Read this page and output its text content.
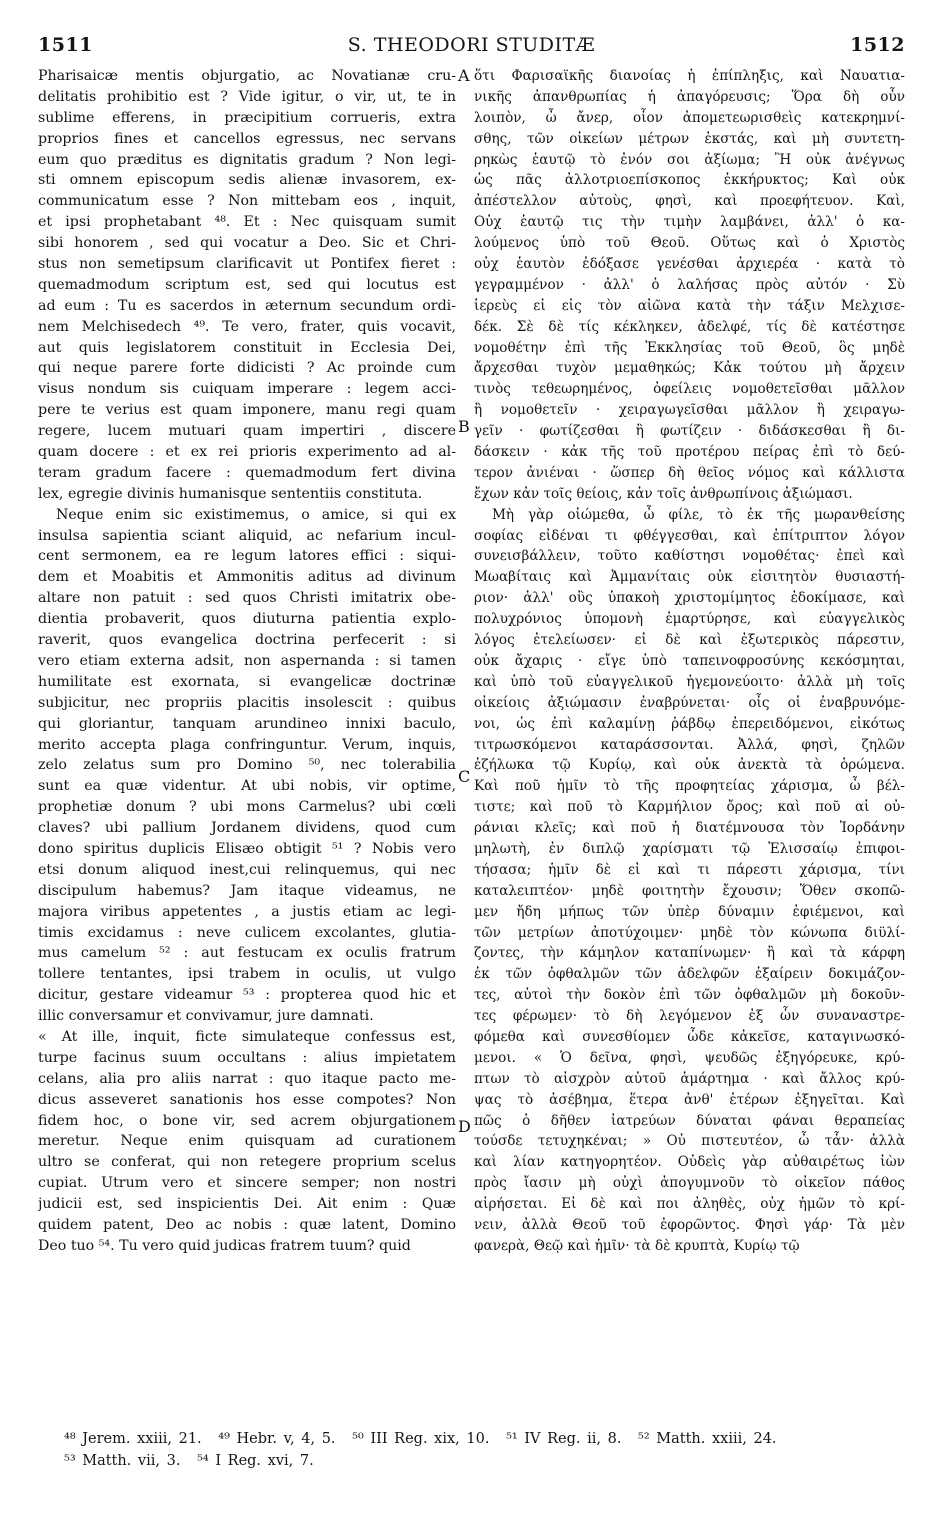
1511	S. THEODORI STUDITÆ	1512
Pharisaicæ mentis objurgatio, ac Novatianæ cru-
delitatis prohibitio est ? Vide igitur, o vir, ut, te in
sublime efferens, in præcipitium corrueris, extra
proprios fines et cancellos egressus, nec servans
eum quo præditus es dignitatis gradum ? Non legi-
sti omnem episcopum sedis alienæ invasorem, ex-
communicatum esse ? Non mittebam eos , inquit,
et ipsi prophetabant ⁴⁸. Et : Nec quisquam sumit
sibi honorem , sed qui vocatur a Deo. Sic et Chri-
stus non semetipsum clarificavit ut Pontifex fieret :
quemadmodum scriptum est, sed qui locutus est
ad eum : Tu es sacerdos in æternum secundum ordi-
nem Melchisedech ⁴⁹. Te vero, frater, quis vocavit,
aut quis legislatorem constituit in Ecclesia Dei,
qui neque parere forte didicisti ? Ac proinde cum
visus nondum sis cuiquam imperare : legem acci-
pere te verius est quam imponere, manu regi quam
regere, lucem mutuari quam impertiri , discere
quam docere : et ex rei prioris experimento ad al-
teram gradum facere : quemadmodum fert divina
lex, egregie divinis humanisque sententiis constituta.
Neque enim sic existimemus, o amice, si qui ex
insulsa sapientia sciant aliquid, ac nefarium incul-
cent sermonem, ea re legum latores effici : siqui-
dem et Moabitis et Ammonitis aditus ad divinum
altare non patuit : sed quos Christi imitatrix obe-
dientia probaverit, quos diuturna patientia explo-
raverit, quos evangelica doctrina perfecerit : si
vero etiam externa adsit, non aspernanda : si tamen
humilitate est exornata, si evangelicæ doctrinæ
subjicitur, nec propriis placitis insolescit : quibus
qui gloriantur, tanquam arundineo innixi baculo,
merito accepta plaga confringuntur. Verum, inquis,
zelo zelatus sum pro Domino ⁵⁰, nec tolerabilia
sunt ea quæ videntur. At ubi nobis, vir optime,
prophetiæ donum ? ubi mons Carmelus? ubi cœli
claves? ubi pallium Jordanem dividens, quod cum
dono spiritus duplicis Elisæo obtigit ⁵¹ ? Nobis vero
etsi donum aliquod inest,cui relinquemus, qui nec
discipulum habemus? Jam itaque videamus, ne
majora viribus appetentes , a justis etiam ac legi-
timis excidamus : neve culicem excolantes, glutia-
mus camelum ⁵² : aut festucam ex oculis fratrum
tollere tentantes, ipsi trabem in oculis, ut vulgo
dicitur, gestare videamur ⁵³ : propterea quod hic et
illic conversamur et convivamur, jure damnati.
« At ille, inquit, ficte simulateque confessus est,
turpe facinus suum occultans : alius impietatem
celans, alia pro aliis narrat : quo itaque pacto me-
dicus asseveret sanationis hos esse compotes? Non
fidem hoc, o bone vir, sed acrem objurgationem
meretur. Neque enim quisquam ad curationem
ultro se conferat, qui non retegere proprium scelus
cupiat. Utrum vero et sincere semper; non nostri
judicii est, sed inspicientis Dei. Ait enim : Quæ
quidem patent, Deo ac nobis : quæ latent, Domino
Deo tuo ⁵⁴. Tu vero quid judicas fratrem tuum? quid
ὅτι Φαρισαϊκῆς διανοίας ἡ ἐπίπληξις, καὶ Ναυατια-
νικῆς ἀπανθρωπίας ἡ ἀπαγόρευσις; Ὅρα δὴ οὖν
λοιπὸν, ὦ ἄνερ, οἷον ἀπομετεωρισθεὶς κατεκρημνί-
σθης, τῶν οἰκείων μέτρων ἐκστάς, καὶ μὴ συντετη-
ρηκὼς ἑαυτῷ τὸ ἐνόν σοι ἀξίωμα; Ἢ οὐκ ἀνέγνως
ὡς πᾶς ἀλλοτριοεπίσκοπος ἐκκήρυκτος; Καὶ οὐκ
ἀπέστελλον αὐτοὺς, φησὶ, καὶ προεφήτευον. Καὶ,
Οὐχ ἑαυτῷ τις τὴν τιμὴν λαμβάνει, ἀλλ' ὁ κα-
λούμενος ὑπὸ τοῦ Θεοῦ. Οὕτως καὶ ὁ Χριστὸς
οὐχ ἑαυτὸν ἐδόξασε γενέσθαι ἀρχιερέα · κατὰ τὸ
γεγραμμένον · ἀλλ' ὁ λαλήσας πρὸς αὐτόν · Σὺ
ἱερεὺς εἰ εἰς τὸν αἰῶνα κατὰ τὴν τάξιν Μελχισε-
δέκ. Σὲ δὲ τίς κέκληκεν, ἀδελφέ, τίς δὲ κατέστησε
νομοθέτην ἐπὶ τῆς Ἐκκλησίας τοῦ Θεοῦ, ὃς μηδὲ
ἄρχεσθαι τυχὸν μεμαθηκώς; Κἀκ τούτου μὴ ἄρχειν
τινὸς τεθεωρημένος, ὀφείλεις νομοθετεῖσθαι μᾶλλον
ἢ νομοθετεῖν · χειραγωγεῖσθαι μᾶλλον ἢ χειραγω-
γεῖν · φωτίζεσθαι ἢ φωτίζειν · διδάσκεσθαι ἢ δι-
δάσκειν · κἀκ τῆς τοῦ προτέρου πείρας ἐπὶ τὸ δεύ-
τερον ἀνιέναι · ὥσπερ δὴ θεῖος νόμος καὶ κάλλιστα
ἔχων κἀν τοῖς θείοις, κἀν τοῖς ἀνθρωπίνοις ἀξιώμασι.
Μὴ γὰρ οἰώμεθα, ὦ φίλε, τὸ ἐκ τῆς μωρανθείσης
σοφίας εἰδέναι τι φθέγγεσθαι, καὶ ἐπίτριπτον λόγον
συνεισβάλλειν, τοῦτο καθίστησι νομοθέτας· ἐπεὶ καὶ
Μωαβίταις καὶ Ἀμμανίταις οὐκ εἰσιτητὸν θυσιαστή-
ριον· ἀλλ' οὓς ὑπακοὴ χριστομίμητος ἐδοκίμασε, καὶ
πολυχρόνιος ὑπομονὴ ἐμαρτύρησε, καὶ εὐαγγελικὸς
λόγος ἐτελείωσεν· εἰ δὲ καὶ ἐξωτερικὸς πάρεστιν,
οὐκ ἄχαρις · εἴγε ὑπὸ ταπεινοφροσύνης κεκόσμηται,
καὶ ὑπὸ τοῦ εὐαγγελικοῦ ἡγεμονεύοιτο· ἀλλὰ μὴ τοῖς
οἰκείοις ἀξιώμασιν ἐναβρύνεται· οἷς οἱ ἐναβρυνόμε-
νοι, ὡς ἐπὶ καλαμίνῃ ῥάβδῳ ἐπερειδόμενοι, εἰκότως
τιτρωσκόμενοι καταράσσονται. Ἀλλά, φησὶ, ζηλῶν
ἐζήλωκα τῷ Κυρίῳ, καὶ οὐκ ἀνεκτὰ τὰ ὁρώμενα.
Καὶ ποῦ ἡμῖν τὸ τῆς προφητείας χάρισμα, ὦ βέλ-
τιστε; καὶ ποῦ τὸ Καρμήλιον ὄρος; καὶ ποῦ αἱ οὐ-
ράνιαι κλεῖς; καὶ ποῦ ἡ διατέμνουσα τὸν Ἰορδάνην
μηλωτὴ, ἐν διπλῷ χαρίσματι τῷ Ἐλισσαίῳ ἐπιφοι-
τήσασα; ἡμῖν δὲ εἰ καὶ τι πάρεστι χάρισμα, τίνι
καταλειπτέον· μηδὲ φοιτητὴν ἔχουσιν; Ὅθεν σκοπῶ-
μεν ἤδη μήπως τῶν ὑπὲρ δύναμιν ἐφιέμενοι, καὶ
τῶν μετρίων ἀποτύχοιμεν· μηδὲ τὸν κώνωπα διϋλί-
ζοντες, τὴν κάμηλον καταπίνωμεν· ἢ καὶ τὰ κάρφη
ἐκ τῶν ὀφθαλμῶν τῶν ἀδελφῶν ἐξαίρειν δοκιμάζον-
τες, αὐτοὶ τὴν δοκὸν ἐπὶ τῶν ὀφθαλμῶν μὴ δοκοῦν-
τες φέρωμεν· τὸ δὴ λεγόμενον ἐξ ὧν συναναστρε-
φόμεθα καὶ συνεσθίομεν ὧδε κἀκεῖσε, καταγινωσκό-
μενοι. « Ὁ δεῖνα, φησὶ, ψευδῶς ἐξηγόρευκε, κρύ-
πτων τὸ αἰσχρὸν αὐτοῦ ἁμάρτημα · καὶ ἄλλος κρύ-
ψας τὸ ἀσέβημα, ἕτερα ἀνθ' ἑτέρων ἐξηγεῖται. Καὶ
πῶς ὁ δῆθεν ἰατρεύων δύναται φάναι θεραπείας
τούσδε τετυχηκέναι; » Οὐ πιστευτέον, ὦ τἆν· ἀλλὰ
καὶ λίαν κατηγορητέον. Οὐδεὶς γὰρ αὐθαιρέτως ἰὼν
πρὸς ἴασιν μὴ οὐχὶ ἀπογυμνοῦν τὸ οἰκεῖον πάθος
αἱρήσεται. Εἰ δὲ καὶ ποι ἀληθὲς, οὐχ ἡμῶν τὸ κρί-
νειν, ἀλλὰ Θεοῦ τοῦ ἐφορῶντος. Φησὶ γάρ· Τὰ μὲν
φανερὰ, Θεῷ καὶ ἡμῖν· τὰ δὲ κρυπτὰ, Κυρίῳ τῷ
A
B
C
D
⁴⁸ Jerem. xxiii, 21. ⁴⁹ Hebr. v, 4, 5. ⁵⁰ III Reg. xix, 10. ⁵¹ IV Reg. ii, 8. ⁵² Matth. xxiii, 24.
⁵³ Matth. vii, 3. ⁵⁴ I Reg. xvi, 7.
